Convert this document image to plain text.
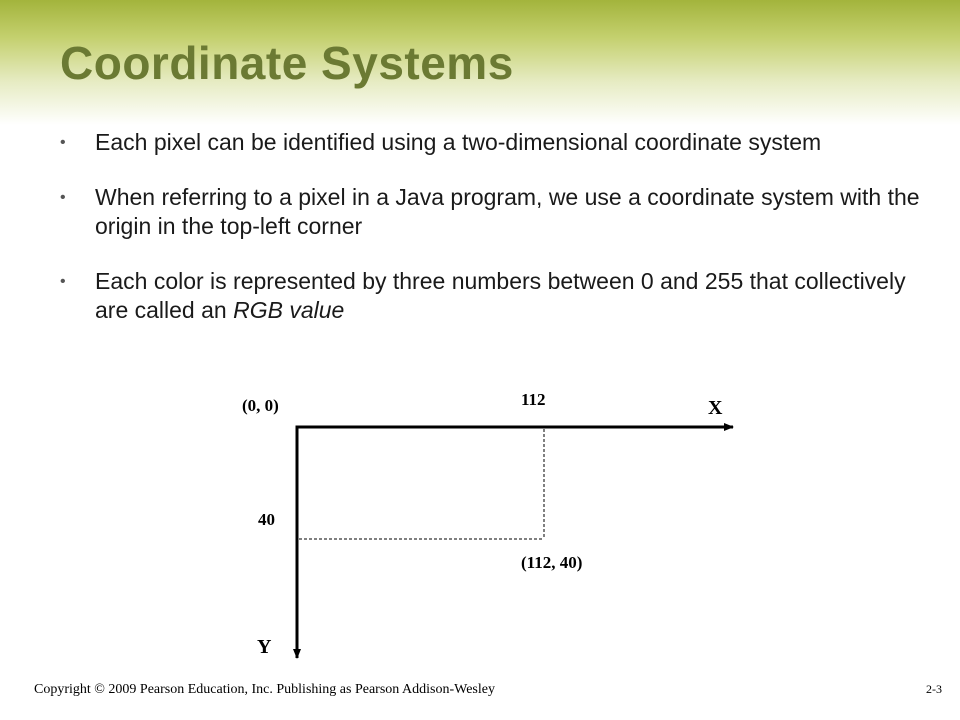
Coordinate Systems
• Each pixel can be identified using a two-dimensional coordinate system
• When referring to a pixel in a Java program, we use a coordinate system with the origin in the top-left corner
• Each color is represented by three numbers between 0 and 255 that collectively are called an RGB value
(0, 0)	112	X
40
(112, 40)
Y
Copyright © 2009 Pearson Education, Inc. Publishing as Pearson Addison-Wesley	2-3
